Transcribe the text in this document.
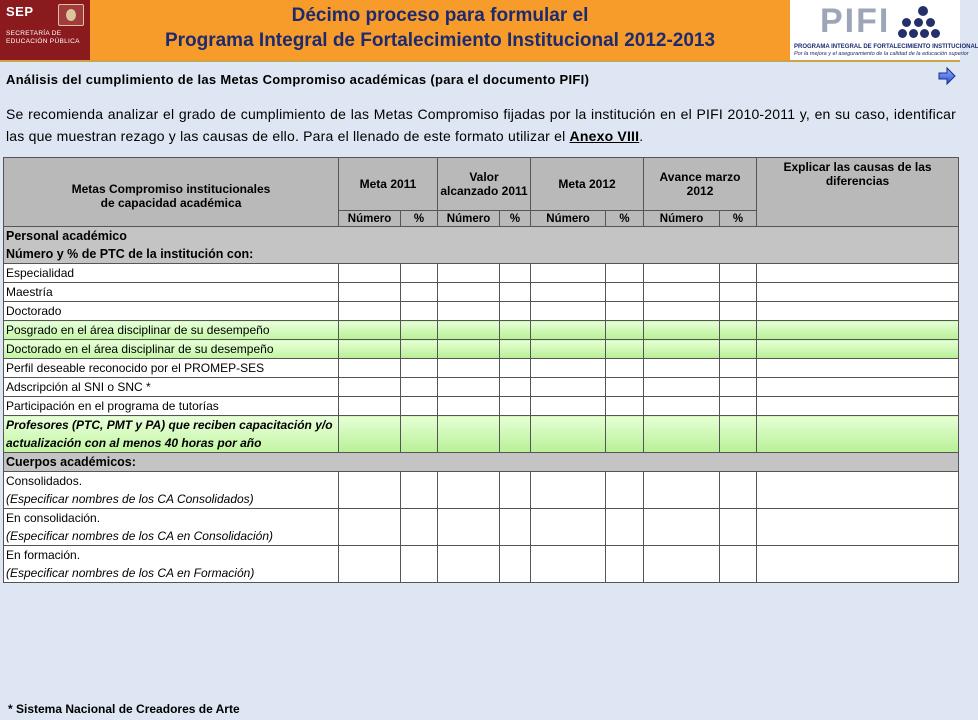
SEP
SECRETARÍA DE
EDUCACIÓN PÚBLICA
Décimo proceso para formular el
Programa Integral de Fortalecimiento Institucional 2012-2013
PIFI
PROGRAMA INTEGRAL DE FORTALECIMIENTO INSTITUCIONAL
Por la mejora y el aseguramiento de la calidad de la educación superior
Análisis del cumplimiento de las Metas Compromiso académicas (para el documento PIFI)
Se recomienda analizar el grado de cumplimiento de las Metas Compromiso fijadas por la institución en el PIFI 2010-2011 y, en su caso, identificar las que muestran rezago y las causas de ello. Para el llenado de este formato utilizar el Anexo VIII.
Metas Compromiso institucionales
de capacidad académica	Meta 2011		Valor alcanzado 2011		Meta 2012		Avance marzo 2012		Explicar las causas de las diferencias
	Número	%	Número	%	Número	%	Número	%	

Personal académico
Número y % de PTC de la institución con:									

Especialidad									
Maestría									
Doctorado									
Posgrado en el área disciplinar de su desempeño									
Doctorado en el área disciplinar de su desempeño									
Perfil deseable reconocido por el PROMEP-SES									
Adscripción al SNI o SNC *									
Participación en el programa de tutorías									
Profesores (PTC, PMT y PA) que reciben capacitación y/o actualización con al menos 40 horas por año									
Cuerpos académicos:									

Consolidados.
(Especificar nombres de los CA Consolidados)									

En consolidación.
(Especificar nombres de los CA en Consolidación)									

En formación.
(Especificar nombres de los CA en Formación)									

* Sistema Nacional de Creadores de Arte
